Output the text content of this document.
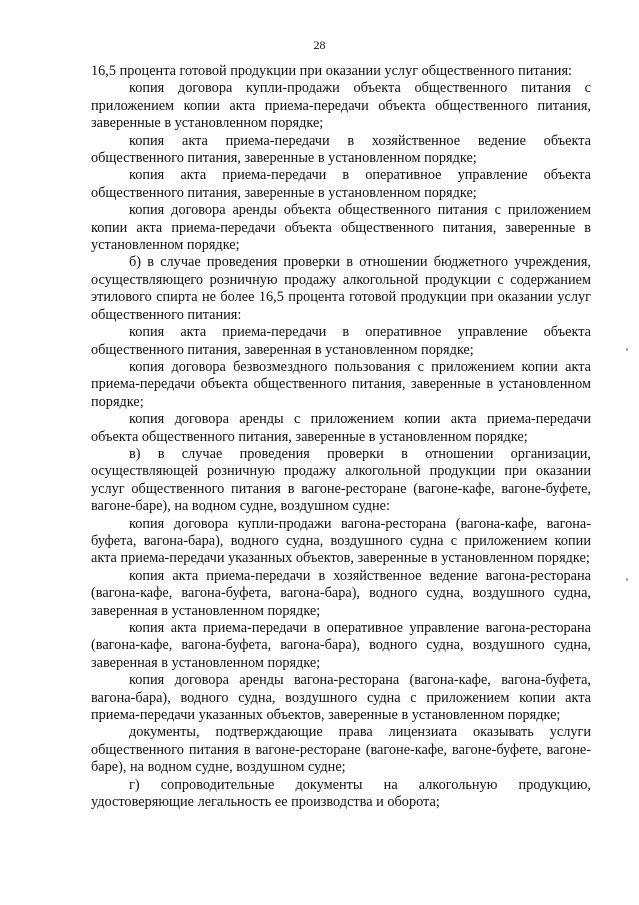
28

16,5 процента готовой продукции при оказании услуг общественного питания:

копия договора купли-продажи объекта общественного питания с приложением копии акта приема-передачи объекта общественного питания, заверенные в установленном порядке;

копия акта приема-передачи в хозяйственное ведение объекта общественного питания, заверенные в установленном порядке;

копия акта приема-передачи в оперативное управление объекта общественного питания, заверенные в установленном порядке;

копия договора аренды объекта общественного питания с приложением копии акта приема-передачи объекта общественного питания, заверенные в установленном порядке;

б) в случае проведения проверки в отношении бюджетного учреждения, осуществляющего розничную продажу алкогольной продукции с содержанием этилового спирта не более 16,5 процента готовой продукции при оказании услуг общественного питания:

копия акта приема-передачи в оперативное управление объекта общественного питания, заверенная в установленном порядке;

копия договора безвозмездного пользования с приложением копии акта приема-передачи объекта общественного питания, заверенные в установленном порядке;

копия договора аренды с приложением копии акта приема-передачи объекта общественного питания, заверенные в установленном порядке;

в) в случае проведения проверки в отношении организации, осуществляющей розничную продажу алкогольной продукции при оказании услуг общественного питания в вагоне-ресторане (вагоне-кафе, вагоне-буфете, вагоне-баре), на водном судне, воздушном судне:

копия договора купли-продажи вагона-ресторана (вагона-кафе, вагона-буфета, вагона-бара), водного судна, воздушного судна с приложением копии акта приема-передачи указанных объектов, заверенные в установленном порядке;

копия акта приема-передачи в хозяйственное ведение вагона-ресторана (вагона-кафе, вагона-буфета, вагона-бара), водного судна, воздушного судна, заверенная в установленном порядке;

копия акта приема-передачи в оперативное управление вагона-ресторана (вагона-кафе, вагона-буфета, вагона-бара), водного судна, воздушного судна, заверенная в установленном порядке;

копия договора аренды вагона-ресторана (вагона-кафе, вагона-буфета, вагона-бара), водного судна, воздушного судна с приложением копии акта приема-передачи указанных объектов, заверенные в установленном порядке;

документы, подтверждающие права лицензиата оказывать услуги общественного питания в вагоне-ресторане (вагоне-кафе, вагоне-буфете, вагоне-баре), на водном судне, воздушном судне;

г) сопроводительные документы на алкогольную продукцию, удостоверяющие легальность ее производства и оборота;
